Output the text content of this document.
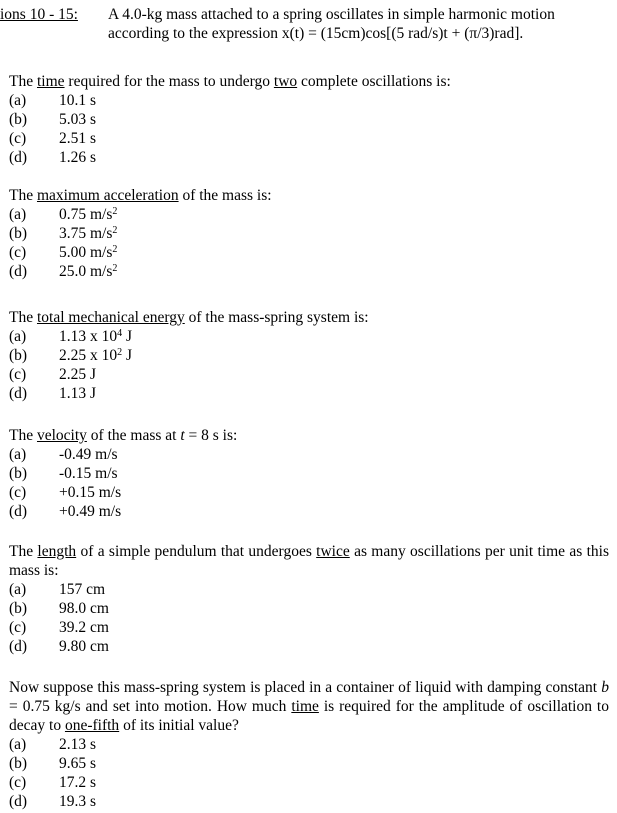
ions 10 - 15: A 4.0-kg mass attached to a spring oscillates in simple harmonic motion
according to the expression x(t) = (15cm)cos[(5 rad/s)t + (π/3)rad].
The time required for the mass to undergo two complete oscillations is:
(a) 10.1 s
(b) 5.03 s
(c) 2.51 s
(d) 1.26 s
The maximum acceleration of the mass is:
(a) 0.75 $m/s^2$
(b) 3.75 $m/s^2$
(c) 5.00 $m/s^2$
(d) 25.0 $m/s^2$
The total mechanical energy of the mass-spring system is:
(a) 1.13 x $10^4$ J
(b) 2.25 x $10^2$ J
(c) 2.25 J
(d) 1.13 J
The velocity of the mass at t = 8 s is:
(a) -0.49 m/s
(b) -0.15 m/s
(c) +0.15 m/s
(d) +0.49 m/s
The length of a simple pendulum that undergoes twice as many oscillations per unit time as this mass is:
(a) 157 cm
(b) 98.0 cm
(c) 39.2 cm
(d) 9.80 cm
Now suppose this mass-spring system is placed in a container of liquid with damping constant b = 0.75 kg/s and set into motion. How much time is required for the amplitude of oscillation to decay to one-fifth of its initial value?
(a) 2.13 s
(b) 9.65 s
(c) 17.2 s
(d) 19.3 s
